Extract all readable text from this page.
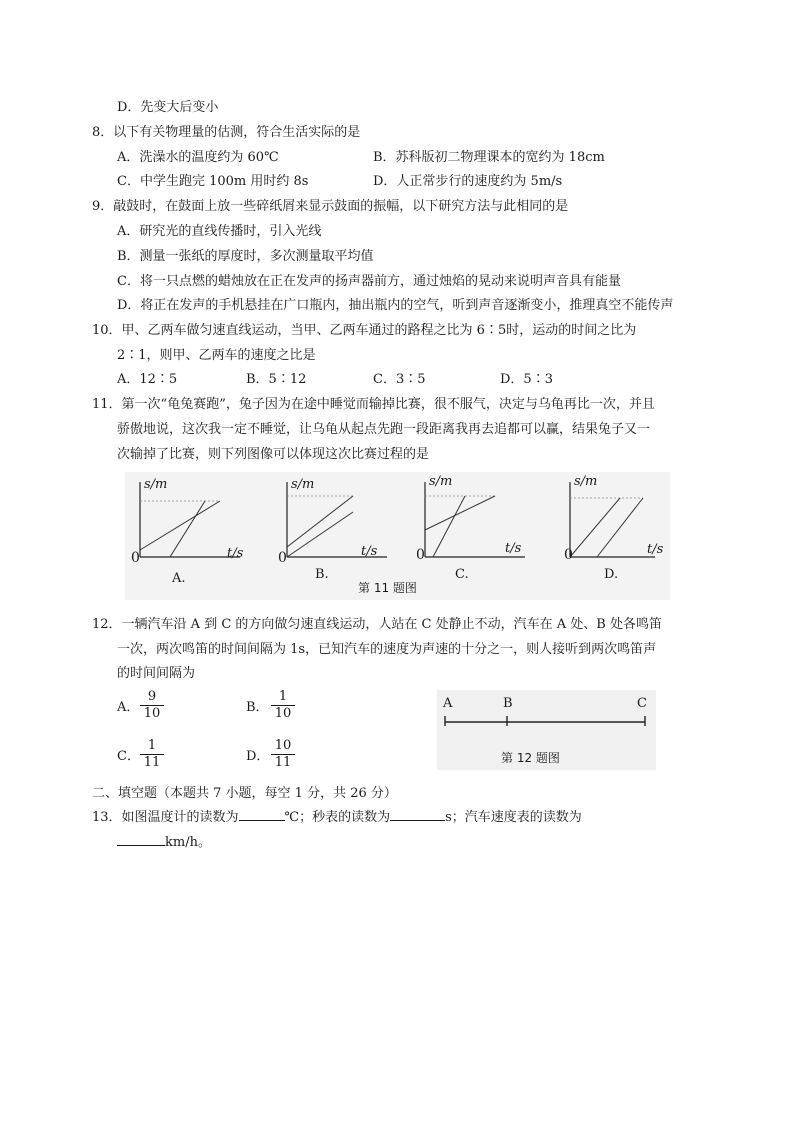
D．先变大后变小
8．以下有关物理量的估测，符合生活实际的是
A．洗澡水的温度约为 60℃	B．苏科版初二物理课本的宽约为 18cm
C．中学生跑完 100m 用时约 8s	D．人正常步行的速度约为 5m/s
9．敲鼓时，在鼓面上放一些碎纸屑来显示鼓面的振幅，以下研究方法与此相同的是
A．研究光的直线传播时，引入光线
B．测量一张纸的厚度时，多次测量取平均值
C．将一只点燃的蜡烛放在正在发声的扬声器前方，通过烛焰的晃动来说明声音具有能量
D．将正在发声的手机悬挂在广口瓶内，抽出瓶内的空气，听到声音逐渐变小，推理真空不能传声
10．甲、乙两车做匀速直线运动，当甲、乙两车通过的路程之比为 6∶5时，运动的时间之比为
2∶1，则甲、乙两车的速度之比是
A．12∶5	B．5∶12	C．3∶5	D．5∶3
11．第一次“龟兔赛跑”，兔子因为在途中睡觉而输掉比赛，很不服气，决定与乌龟再比一次，并且
骄傲地说，这次我一定不睡觉，让乌龟从起点先跑一段距离我再去追都可以赢，结果兔子又一
次输掉了比赛，则下列图像可以体现这次比赛过程的是
s/m
t/s
0
A.
s/m
t/s
0
B.
s/m
t/s
0
C.
s/m
t/s
0
D.
第 11 题图
12．一辆汽车沿 A 到 C 的方向做匀速直线运动，人站在 C 处静止不动，汽车在 A 处、B 处各鸣笛
一次，两次鸣笛的时间间隔为 1s，已知汽车的速度为声速的十分之一，则人接听到两次鸣笛声
的时间间隔为
A． $\frac{9}{10}$	B． $\frac{1}{10}$
C． $\frac{1}{11}$	D． $\frac{10}{11}$
A	B	C
第 12 题图
二、填空题（本题共 7 小题，每空 1 分，共 26 分）
13．如图温度计的读数为	℃；秒表的读数为	s；汽车速度表的读数为
km/h。
